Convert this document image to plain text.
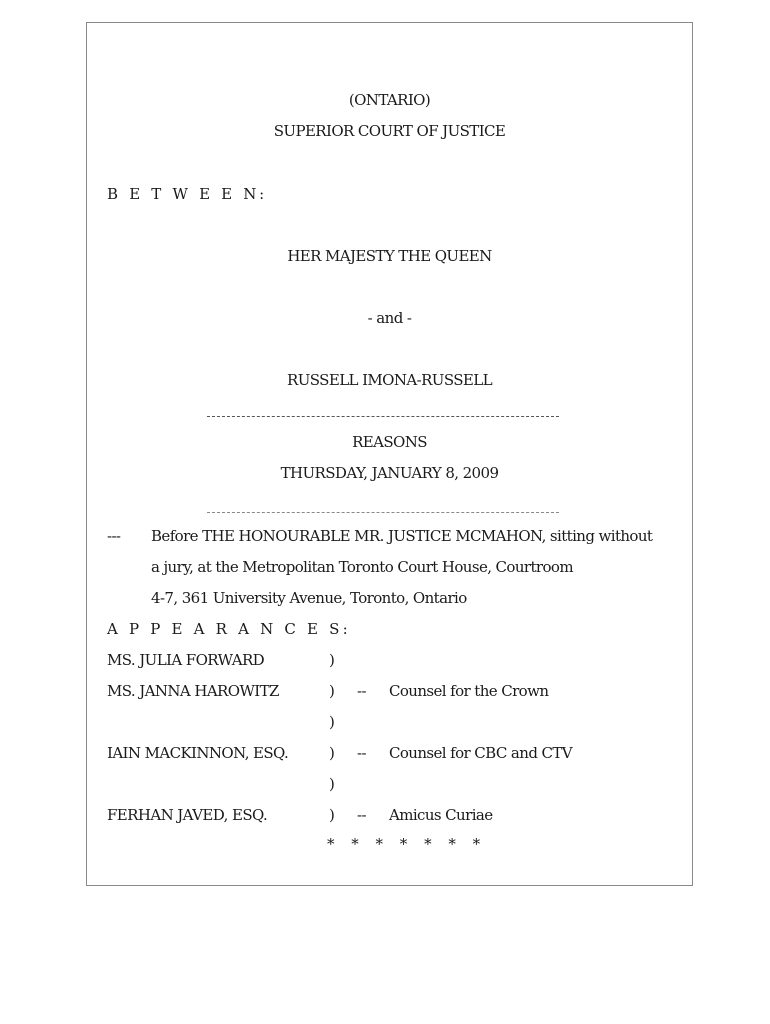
(ONTARIO)
SUPERIOR COURT OF JUSTICE
B E T W E E N:
HER MAJESTY THE QUEEN
- and -
RUSSELL IMONA-RUSSELL
REASONS
THURSDAY, JANUARY 8, 2009
--- Before THE HONOURABLE MR. JUSTICE MCMAHON, sitting without
a jury, at the Metropolitan Toronto Court House, Courtroom
4-7, 361 University Avenue, Toronto, Ontario
A P P E A R A N C E S:
MS. JULIA FORWARD	)
MS. JANNA HAROWITZ	) -- Counsel for the Crown
)
IAIN MACKINNON, ESQ.	) -- Counsel for CBC and CTV
)
FERHAN JAVED, ESQ.	) -- Amicus Curiae
* * * * * * *
